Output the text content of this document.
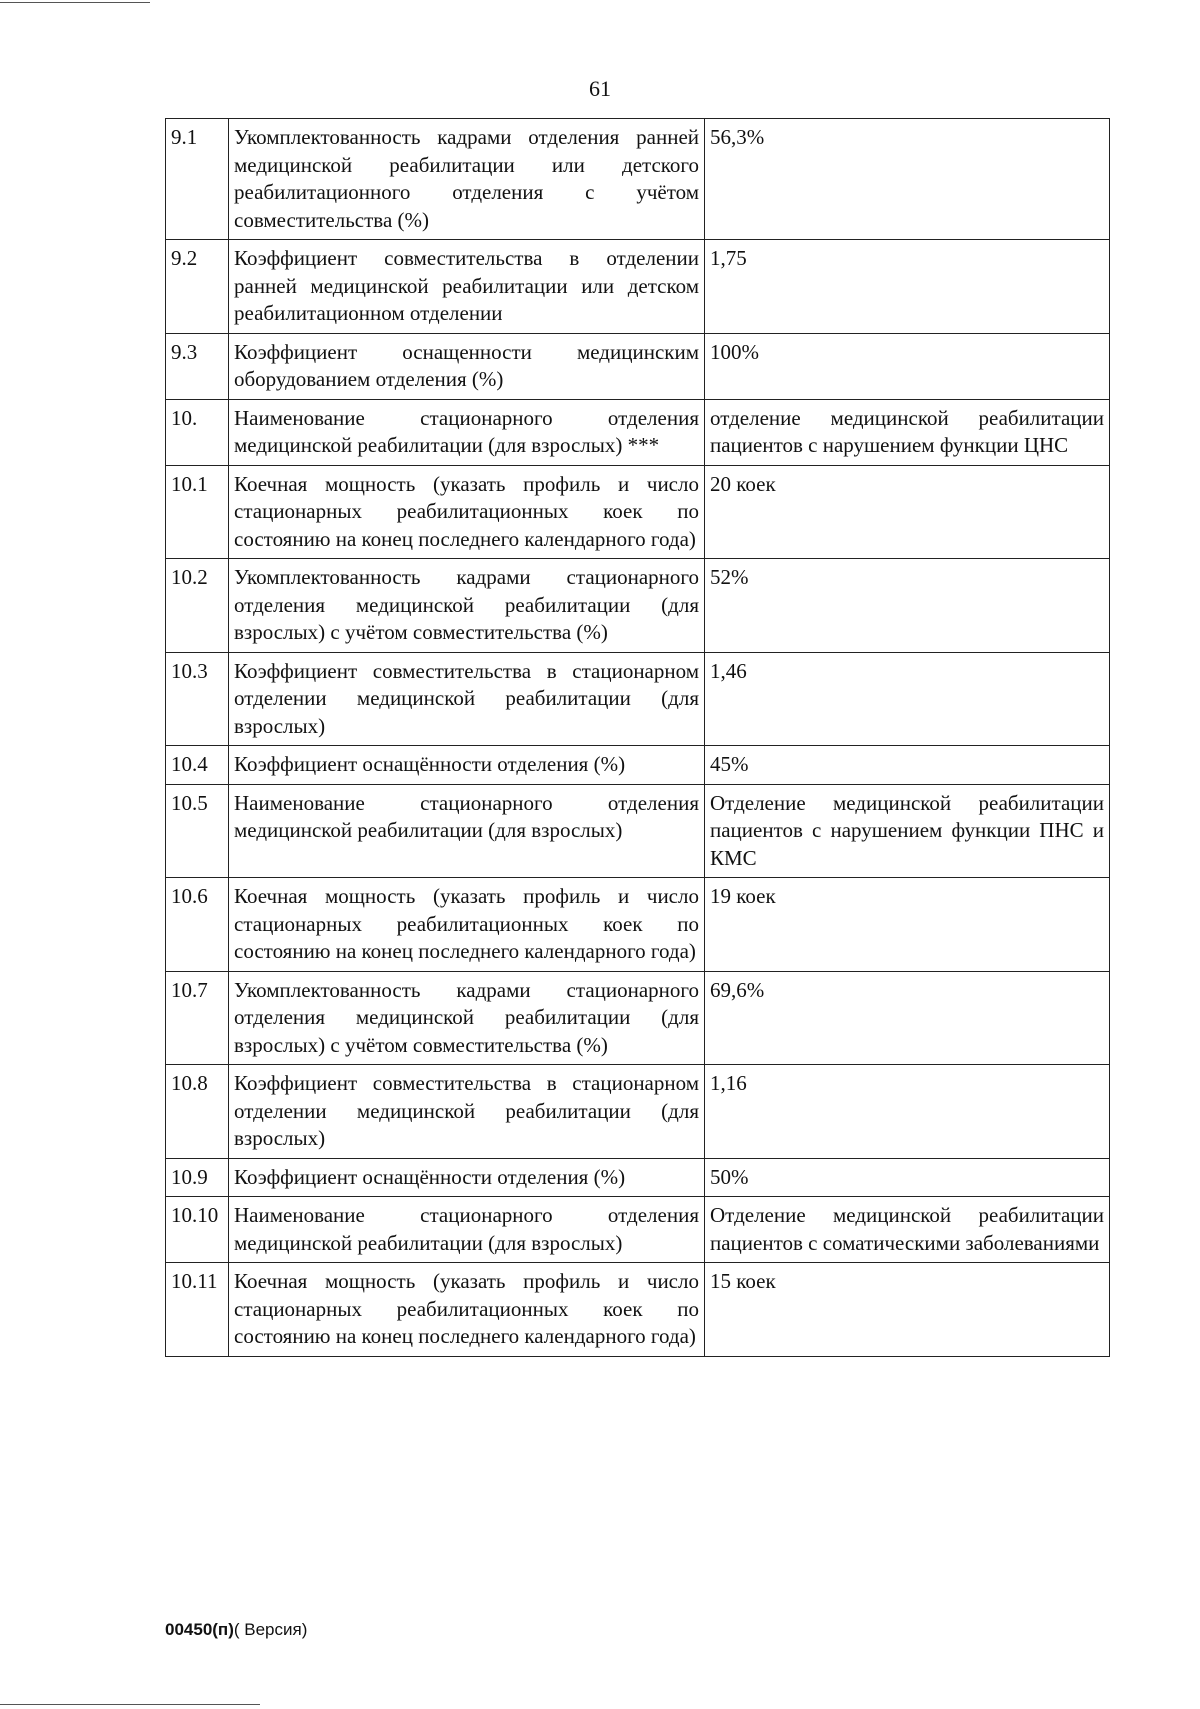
61
9.1	Укомплектованность кадрами отделения ранней медицинской реабилитации или детского реабилитационного отделения с учётом совместительства (%)	56,3%
9.2	Коэффициент совместительства в отделении ранней медицинской реабилитации или детском реабилитационном отделении	1,75
9.3	Коэффициент оснащенности медицинским оборудованием отделения (%)	100%
10.	Наименование стационарного отделения медицинской реабилитации (для взрослых) ***	отделение медицинской реабилитации пациентов с нарушением функции ЦНС
10.1	Коечная мощность (указать профиль и число стационарных реабилитационных коек по состоянию на конец последнего календарного года)	20 коек
10.2	Укомплектованность кадрами стационарного отделения медицинской реабилитации (для взрослых) с учётом совместительства (%)	52%
10.3	Коэффициент совместительства в стационарном отделении медицинской реабилитации (для взрослых)	1,46
10.4	Коэффициент оснащённости отделения (%)	45%
10.5	Наименование стационарного отделения медицинской реабилитации (для взрослых)	Отделение медицинской реабилитации пациентов с нарушением функции ПНС и КМС
10.6	Коечная мощность (указать профиль и число стационарных реабилитационных коек по состоянию на конец последнего календарного года)	19 коек
10.7	Укомплектованность кадрами стационарного отделения медицинской реабилитации (для взрослых) с учётом совместительства (%)	69,6%
10.8	Коэффициент совместительства в стационарном отделении медицинской реабилитации (для взрослых)	1,16
10.9	Коэффициент оснащённости отделения (%)	50%
10.10	Наименование стационарного отделения медицинской реабилитации (для взрослых)	Отделение медицинской реабилитации пациентов с соматическими заболеваниями
10.11	Коечная мощность (указать профиль и число стационарных реабилитационных коек по состоянию на конец последнего календарного года)	15 коек
00450(п)( Версия)
